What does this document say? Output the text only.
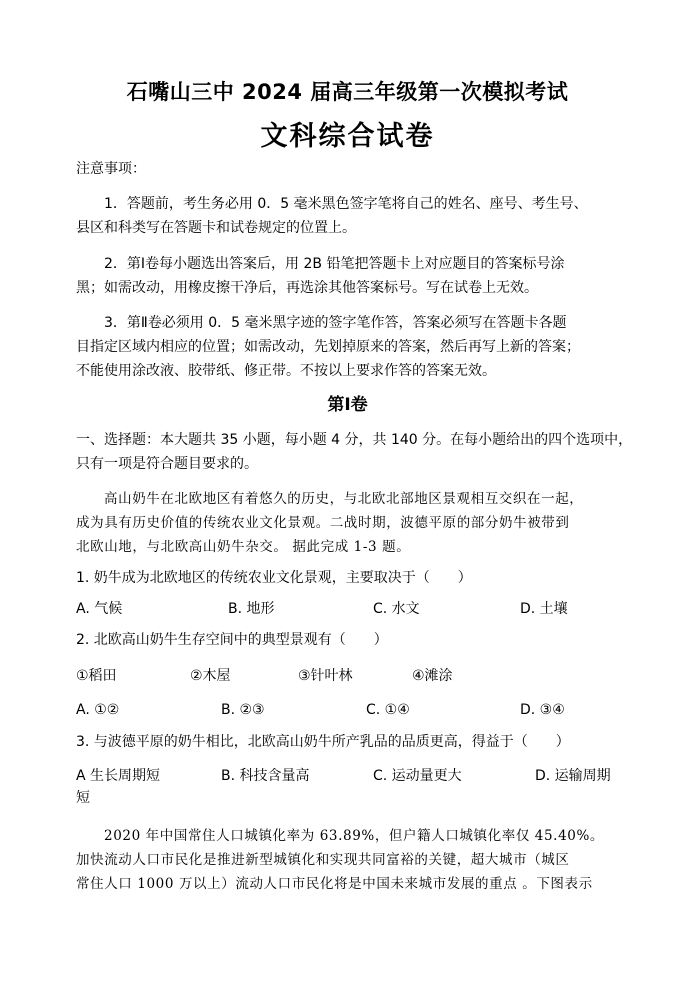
石嘴山三中 2024 届高三年级第一次模拟考试
文科综合试卷
注意事项：
1．答题前，考生务必用 0．5 毫米黑色签字笔将自己的姓名、座号、考生号、
县区和科类写在答题卡和试卷规定的位置上。
2．第Ⅰ卷每小题选出答案后，用 2B 铅笔把答题卡上对应题目的答案标号涂
黑；如需改动，用橡皮擦干净后，再选涂其他答案标号。写在试卷上无效。
3．第Ⅱ卷必须用 0．5 毫米黑字迹的签字笔作答，答案必须写在答题卡各题
目指定区域内相应的位置；如需改动，先划掉原来的答案，然后再写上新的答案；
不能使用涂改液、胶带纸、修正带。不按以上要求作答的答案无效。
第Ⅰ卷
一、选择题：本大题共 35 小题，每小题 4 分，共 140 分。在每小题给出的四个选项中，
只有一项是符合题目要求的。
高山奶牛在北欧地区有着悠久的历史，与北欧北部地区景观相互交织在一起，
成为具有历史价值的传统农业文化景观。二战时期，波德平原的部分奶牛被带到
北欧山地，与北欧高山奶牛杂交。 据此完成 1-3 题。
1. 奶牛成为北欧地区的传统农业文化景观，主要取决于（　　）
A. 气候	B. 地形	C. 水文	D. 土壤
2. 北欧高山奶牛生存空间中的典型景观有（　　）
①稻田	②木屋	③针叶林	④滩涂
A. ①②	B. ②③	C. ①④	D. ③④
3. 与波德平原的奶牛相比，北欧高山奶牛所产乳品的品质更高，得益于（　　）
A 生长周期短	B. 科技含量高	C. 运动量更大	D. 运输周期
短
2020 年中国常住人口城镇化率为 63.89%，但户籍人口城镇化率仅 45.40%。
加快流动人口市民化是推进新型城镇化和实现共同富裕的关键，超大城市（城区
常住人口 1000 万以上）流动人口市民化将是中国未来城市发展的重点 。下图表示
